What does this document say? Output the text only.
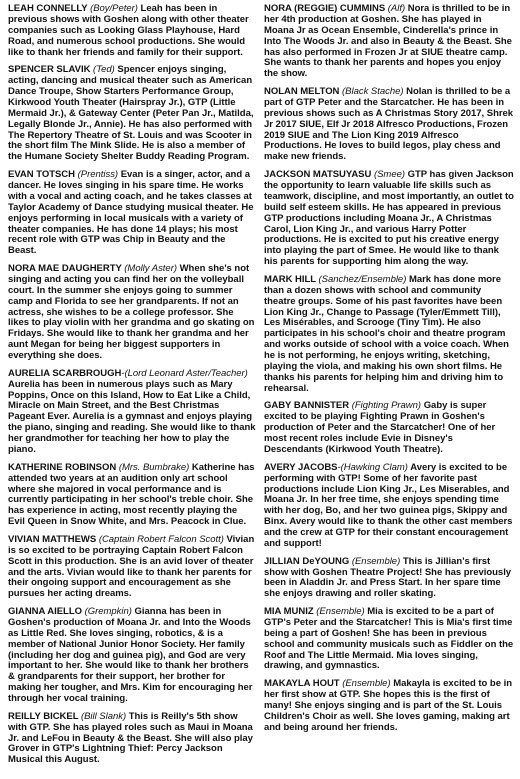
LEAH CONNELLY (Boy/Peter) Leah has been in previous shows with Goshen along with other theater companies such as Looking Glass Playhouse, Hard Road, and numerous school productions. She would like to thank her friends and family for their support.

SPENCER SLAVIK (Ted) Spencer enjoys singing, acting, dancing and musical theater such as American Dance Troupe, Show Starters Performance Group, Kirkwood Youth Theater (Hairspray Jr.), GTP (Little Mermaid Jr.), & Gateway Center (Peter Pan Jr., Matilda, Legally Blonde Jr., Annie). He has also performed with The Repertory Theatre of St. Louis and was Scooter in the short film The Mink Slide. He is also a member of the Humane Society Shelter Buddy Reading Program.

EVAN TOTSCH (Prentiss) Evan is a singer, actor, and a dancer. He loves singing in his spare time. He works with a vocal and acting coach, and he takes classes at Taylor Academy of Dance studying musical theater. He enjoys performing in local musicals with a variety of theater companies. He has done 14 plays; his most recent role with GTP was Chip in Beauty and the Beast.

NORA MAE DAUGHERTY (Molly Aster) When she's not singing and acting you can find her on the volleyball court. In the summer she enjoys going to summer camp and Florida to see her grandparents. If not an actress, she wishes to be a college professor. She likes to play violin with her grandma and go skating on Fridays. She would like to thank her grandma and her aunt Megan for being her biggest supporters in everything she does.

AURELIA SCARBROUGH-(Lord Leonard Aster/Teacher) Aurelia has been in numerous plays such as Mary Poppins, Once on this Island, How to Eat Like a Child, Miracle on Main Street, and the Best Christmas Pageant Ever. Aurelia is a gymnast and enjoys playing the piano, singing and reading. She would like to thank her grandmother for teaching her how to play the piano.

KATHERINE ROBINSON (Mrs. Bumbrake) Katherine has attended two years at an audition only art school where she majored in vocal performance and is currently participating in her school's treble choir. She has experience in acting, most recently playing the Evil Queen in Snow White, and Mrs. Peacock in Clue.

VIVIAN MATTHEWS (Captain Robert Falcon Scott) Vivian is so excited to be portraying Captain Robert Falcon Scott in this production. She is an avid lover of theater and the arts. Vivian would like to thank her parents for their ongoing support and encouragement as she pursues her acting dreams.

GIANNA AIELLO (Grempkin) Gianna has been in Goshen's production of Moana Jr. and Into the Woods as Little Red. She loves singing, robotics, & is a member of National Junior Honor Society. Her family (including her dog and guinea pig), and God are very important to her. She would like to thank her brothers & grandparents for their support, her brother for making her tougher, and Mrs. Kim for encouraging her through her vocal training.

REILLY BICKEL (Bill Slank) This is Reilly's 5th show with GTP. She has played roles such as Maui in Moana Jr. and LeFou in Beauty & the Beast. She will also play Grover in GTP's Lightning Thief: Percy Jackson Musical this August.

NORA (REGGIE) CUMMINS (Alf) Nora is thrilled to be in her 4th production at Goshen. She has played in Moana Jr as Ocean Ensemble, Cinderella's prince in Into The Woods Jr. and also in Beauty & the Beast. She has also performed in Frozen Jr at SIUE theatre camp. She wants to thank her parents and hopes you enjoy the show.

NOLAN MELTON (Black Stache) Nolan is thrilled to be a part of GTP Peter and the Starcatcher. He has been in previous shows such as A Christmas Story 2017, Shrek Jr 2017 SIUE, Elf Jr 2018 Alfresco Productions, Frozen 2019 SIUE and The Lion King 2019 Alfresco Productions. He loves to build legos, play chess and make new friends.

JACKSON MATSUYASU (Smee) GTP has given Jackson the opportunity to learn valuable life skills such as teamwork, discipline, and most importantly, an outlet to build self esteem skills. He has appeared in previous GTP productions including Moana Jr., A Christmas Carol, Lion King Jr., and various Harry Potter productions. He is excited to put his creative energy into playing the part of Smee. He would like to thank his parents for supporting him along the way.

MARK HILL (Sanchez/Ensemble) Mark has done more than a dozen shows with school and community theatre groups. Some of his past favorites have been Lion King Jr., Change to Passage (Tyler/Emmett Till), Les Misérables, and Scrooge (Tiny Tim). He also participates in his school's choir and theatre program and works outside of school with a voice coach. When he is not performing, he enjoys writing, sketching, playing the viola, and making his own short films. He thanks his parents for helping him and driving him to rehearsal.

GABY BANNISTER (Fighting Prawn) Gaby is super excited to be playing Fighting Prawn in Goshen's production of Peter and the Starcatcher! One of her most recent roles include Evie in Disney's Descendants (Kirkwood Youth Theatre).

AVERY JACOBS-(Hawking Clam) Avery is excited to be performing with GTP! Some of her favorite past productions include Lion King Jr., Les Miserables, and Moana Jr. In her free time, she enjoys spending time with her dog, Bo, and her two guinea pigs, Skippy and Binx. Avery would like to thank the other cast members and the crew at GTP for their constant encouragement and support!

JILLIAN DeYOUNG (Ensemble) This is Jillian's first show with Goshen Theatre Project! She has previously been in Aladdin Jr. and Press Start. In her spare time she enjoys drawing and roller skating.

MIA MUNIZ (Ensemble) Mia is excited to be a part of GTP's Peter and the Starcatcher! This is Mia's first time being a part of Goshen! She has been in previous school and community musicals such as Fiddler on the Roof and The Little Mermaid. Mia loves singing, drawing, and gymnastics.

MAKAYLA HOUT (Ensemble) Makayla is excited to be in her first show at GTP. She hopes this is the first of many! She enjoys singing and is part of the St. Louis Children's Choir as well. She loves gaming, making art and being around her friends.
